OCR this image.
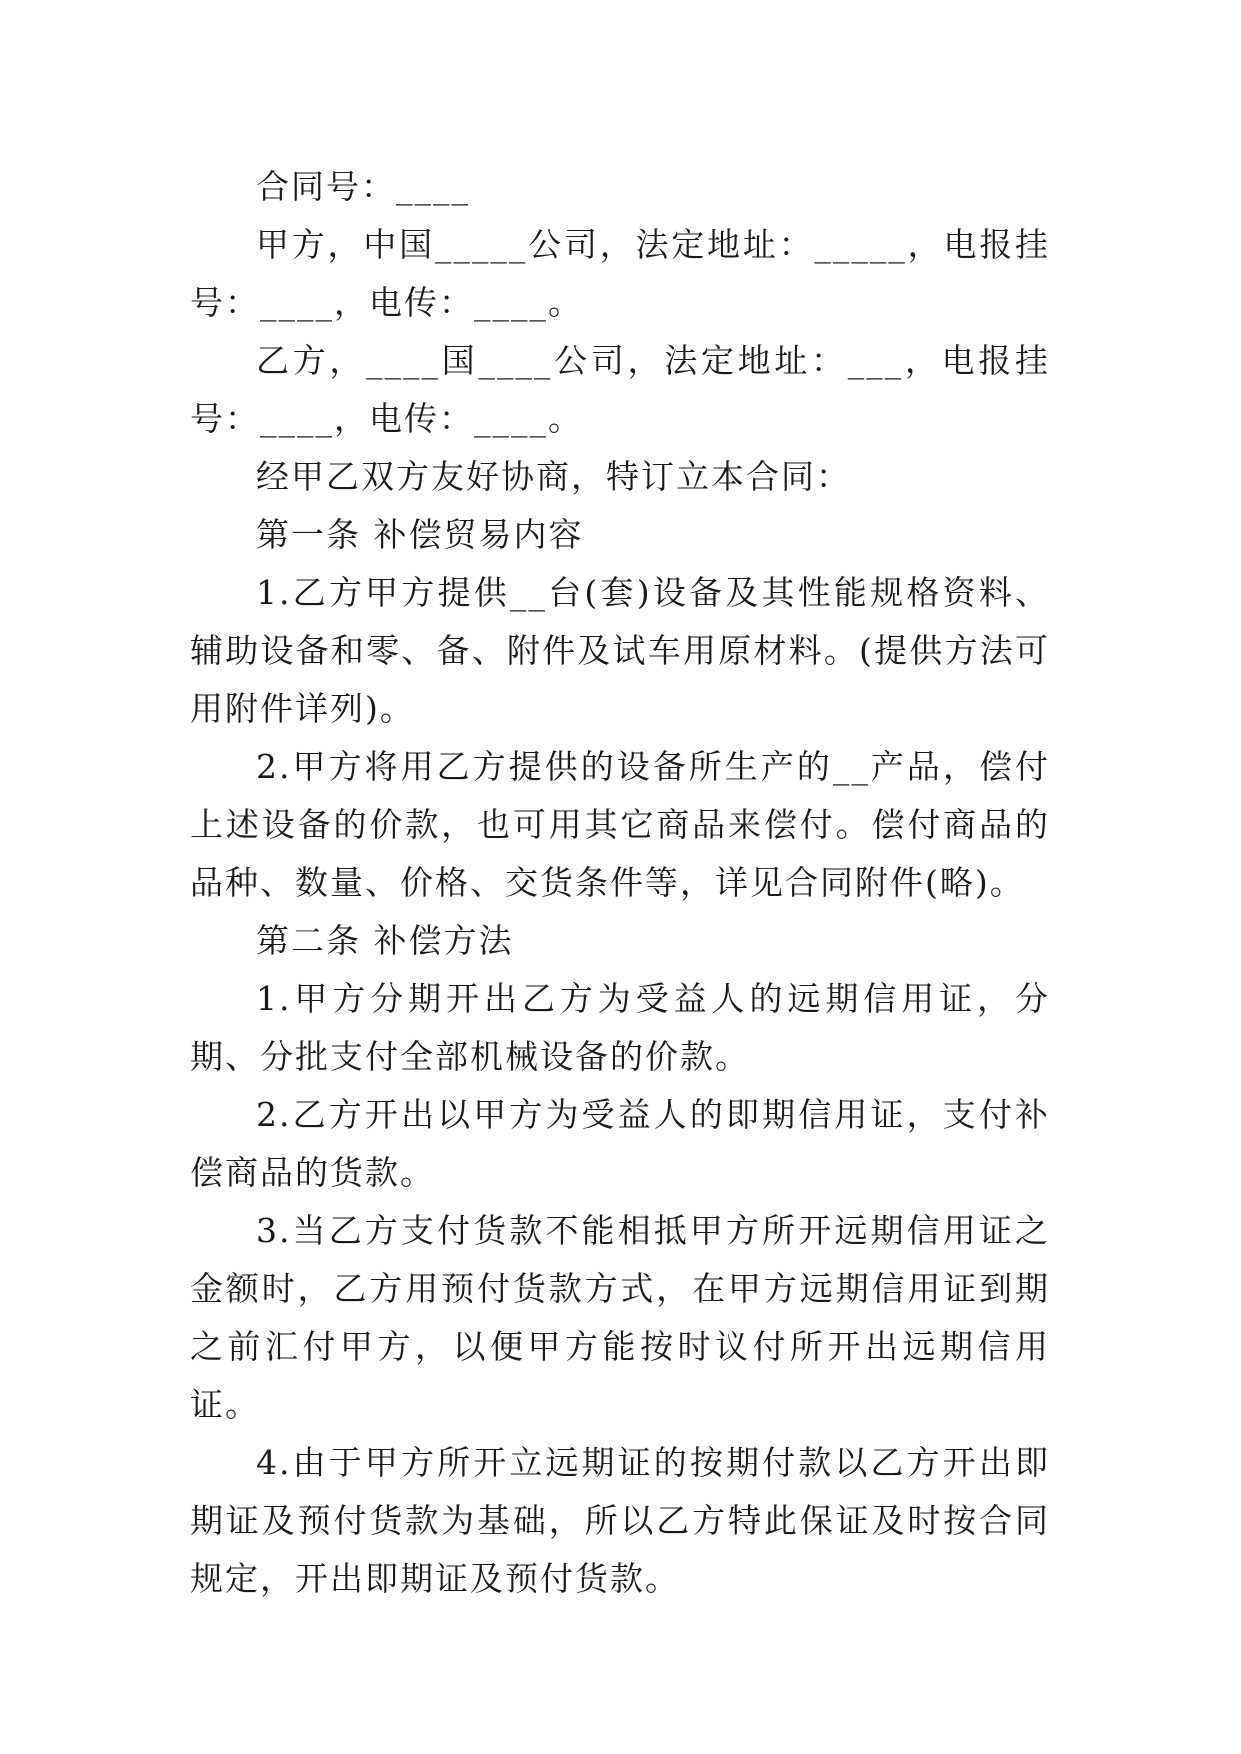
合同号：____

甲方，中国_____公司，法定地址：_____，电报挂号：____，电传：____。

乙方，____国____公司，法定地址：___，电报挂号：____，电传：____。

经甲乙双方友好协商，特订立本合同：

第一条 补偿贸易内容

1.乙方甲方提供__台(套)设备及其性能规格资料、辅助设备和零、备、附件及试车用原材料。(提供方法可用附件详列)。

2.甲方将用乙方提供的设备所生产的__产品，偿付上述设备的价款，也可用其它商品来偿付。偿付商品的品种、数量、价格、交货条件等，详见合同附件(略)。

第二条 补偿方法

1.甲方分期开出乙方为受益人的远期信用证，分期、分批支付全部机械设备的价款。

2.乙方开出以甲方为受益人的即期信用证，支付补偿商品的货款。

3.当乙方支付货款不能相抵甲方所开远期信用证之金额时，乙方用预付货款方式，在甲方远期信用证到期之前汇付甲方，以便甲方能按时议付所开出远期信用证。

4.由于甲方所开立远期证的按期付款以乙方开出即期证及预付货款为基础，所以乙方特此保证及时按合同规定，开出即期证及预付货款。
